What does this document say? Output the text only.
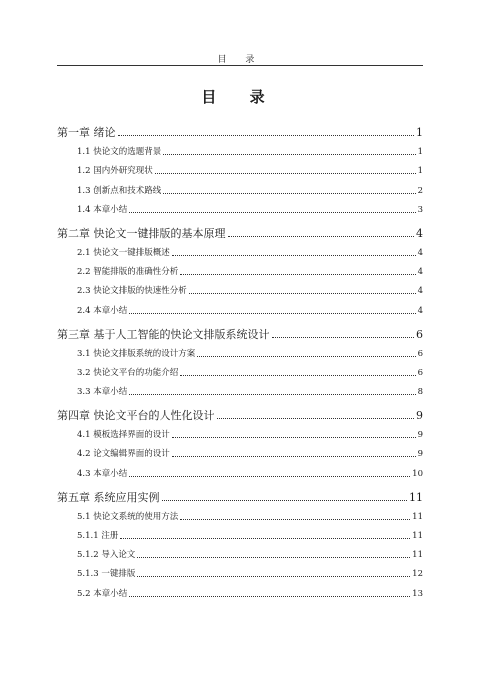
目 录
目 录
第一章 绪论	1
1.1 快论文的选题背景	1
1.2 国内外研究现状	1
1.3 创新点和技术路线	2
1.4 本章小结	3
第二章 快论文一键排版的基本原理	4
2.1 快论文一键排版概述	4
2.2 智能排版的准确性分析	4
2.3 快论文排版的快速性分析	4
2.4 本章小结	4
第三章 基于人工智能的快论文排版系统设计	6
3.1 快论文排版系统的设计方案	6
3.2 快论文平台的功能介绍	6
3.3 本章小结	8
第四章 快论文平台的人性化设计	9
4.1 模板选择界面的设计	9
4.2 论文编辑界面的设计	9
4.3 本章小结	10
第五章 系统应用实例	11
5.1 快论文系统的使用方法	11
5.1.1 注册	11
5.1.2 导入论文	11
5.1.3 一键排版	12
5.2 本章小结	13
